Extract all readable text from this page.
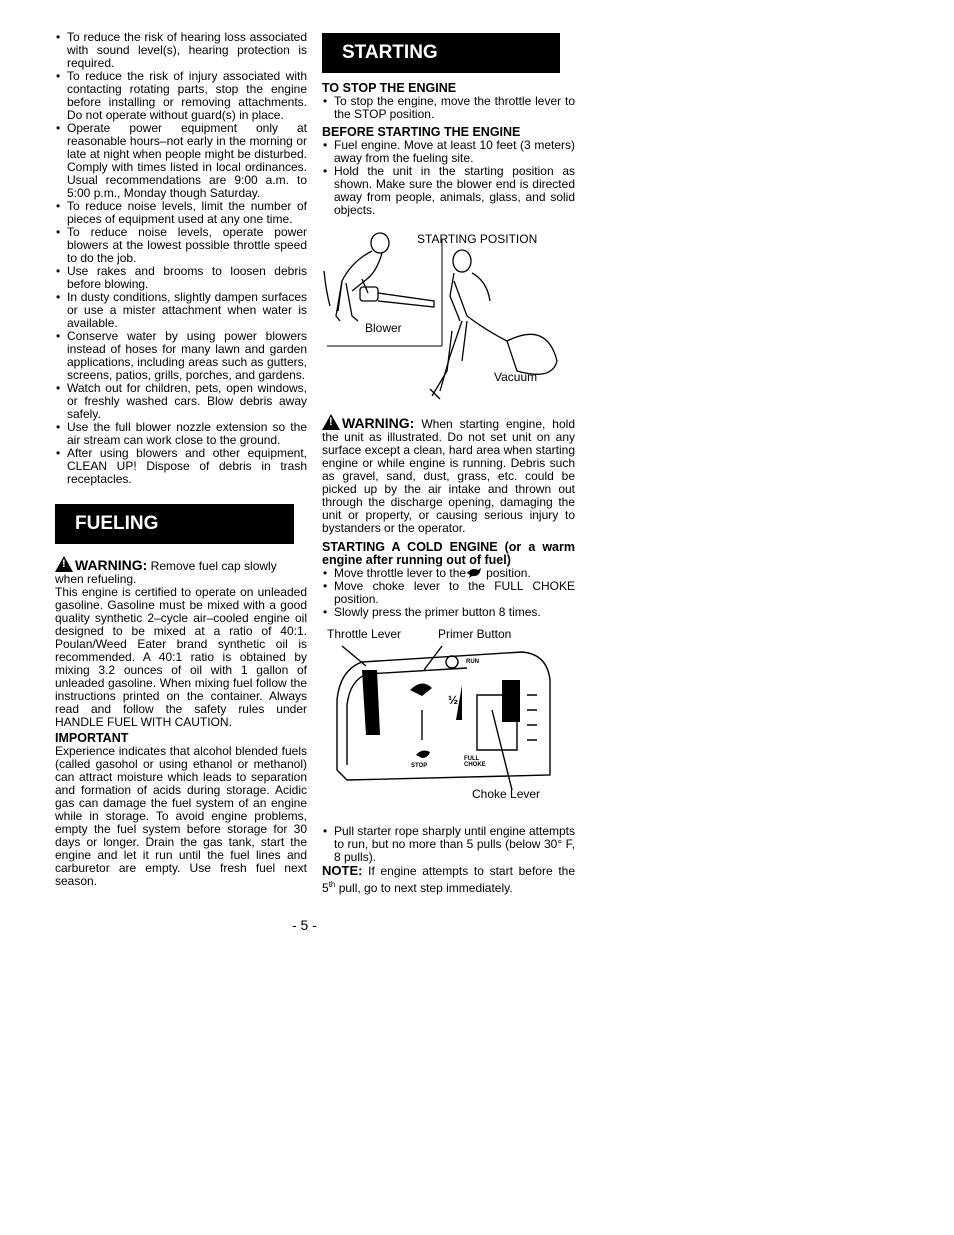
• To reduce the risk of hearing loss associated with sound level(s), hearing protection is required.
• To reduce the risk of injury associated with contacting rotating parts, stop the engine before installing or removing attachments. Do not operate without guard(s) in place.
• Operate power equipment only at reasonable hours–not early in the morning or late at night when people might be disturbed. Comply with times listed in local ordinances. Usual recommendations are 9:00 a.m. to 5:00 p.m., Monday though Saturday.
• To reduce noise levels, limit the number of pieces of equipment used at any one time.
• To reduce noise levels, operate power blowers at the lowest possible throttle speed to do the job.
• Use rakes and brooms to loosen debris before blowing.
• In dusty conditions, slightly dampen surfaces or use a mister attachment when water is available.
• Conserve water by using power blowers instead of hoses for many lawn and garden applications, including areas such as gutters, screens, patios, grills, porches, and gardens.
• Watch out for children, pets, open windows, or freshly washed cars. Blow debris away safely.
• Use the full blower nozzle extension so the air stream can work close to the ground.
• After using blowers and other equipment, CLEAN UP! Dispose of debris in trash receptacles.
FUELING
!WARNING: Remove fuel cap slowly when refueling.
This engine is certified to operate on unleaded gasoline. Gasoline must be mixed with a good quality synthetic 2–cycle air–cooled engine oil designed to be mixed at a ratio of 40:1. Poulan/Weed Eater brand synthetic oil is recommended. A 40:1 ratio is obtained by mixing 3.2 ounces of oil with 1 gallon of unleaded gasoline. When mixing fuel follow the instructions printed on the container. Always read and follow the safety rules under HANDLE FUEL WITH CAUTION.
IMPORTANT
Experience indicates that alcohol blended fuels (called gasohol or using ethanol or methanol) can attract moisture which leads to separation and formation of acids during storage. Acidic gas can damage the fuel system of an engine while in storage. To avoid engine problems, empty the fuel system before storage for 30 days or longer. Drain the gas tank, start the engine and let it run until the fuel lines and carburetor are empty. Use fresh fuel next season.
STARTING
TO STOP THE ENGINE
• To stop the engine, move the throttle lever to the STOP position.
BEFORE STARTING THE ENGINE
• Fuel engine. Move at least 10 feet (3 meters) away from the fueling site.
• Hold the unit in the starting position as shown. Make sure the blower end is directed away from people, animals, glass, and solid objects.
STARTING POSITION
Blower
Vacuum
!WARNING: When starting engine, hold the unit as illustrated. Do not set unit on any surface except a clean, hard area when starting engine or while engine is running. Debris such as gravel, sand, dust, grass, etc. could be picked up by the air intake and thrown out through the discharge opening, damaging the unit or property, or causing serious injury to bystanders or the operator.
STARTING A COLD ENGINE (or a warm engine after running out of fuel)
• Move throttle lever to the position.
• Move choke lever to the FULL CHOKE position.
• Slowly press the primer button 8 times.
Throttle Lever	Primer Button
RUN
½
STOP
FULL
CHOKE
Choke Lever
• Pull starter rope sharply until engine attempts to run, but no more than 5 pulls (below 30° F, 8 pulls).
NOTE: If engine attempts to start before the 5th pull, go to next step immediately.
- 5 -
